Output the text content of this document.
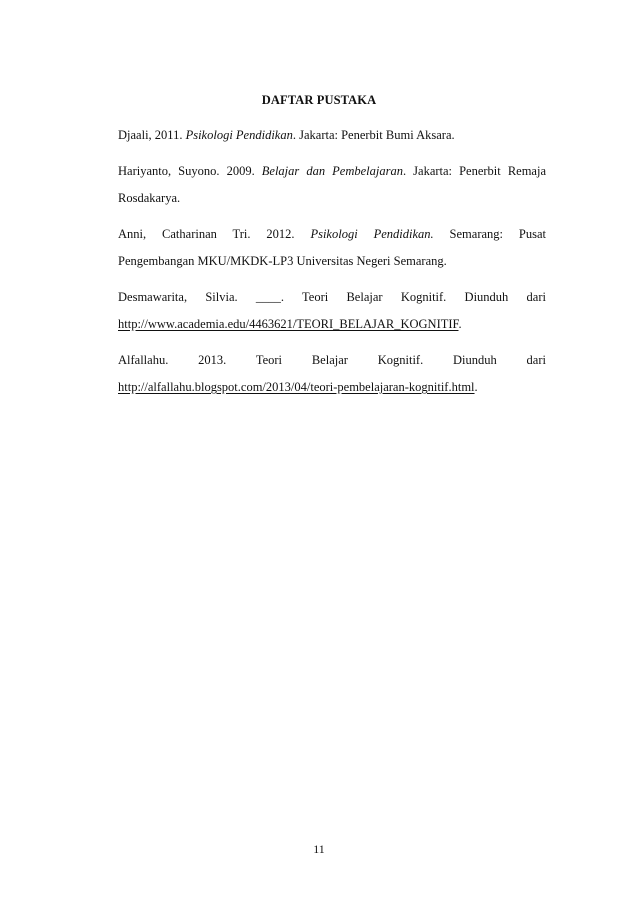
DAFTAR PUSTAKA
Djaali, 2011. Psikologi Pendidikan. Jakarta: Penerbit Bumi Aksara.
Hariyanto, Suyono. 2009. Belajar dan Pembelajaran. Jakarta: Penerbit Remaja
Rosdakarya.
Anni, Catharinan Tri. 2012. Psikologi Pendidikan. Semarang: Pusat
Pengembangan MKU/MKDK-LP3 Universitas Negeri Semarang.
Desmawarita, Silvia. ____. Teori Belajar Kognitif. Diunduh dari
http://www.academia.edu/4463621/TEORI_BELAJAR_KOGNITIF.
Alfallahu. 2013. Teori Belajar Kognitif. Diunduh dari
http://alfallahu.blogspot.com/2013/04/teori-pembelajaran-kognitif.html.
11
